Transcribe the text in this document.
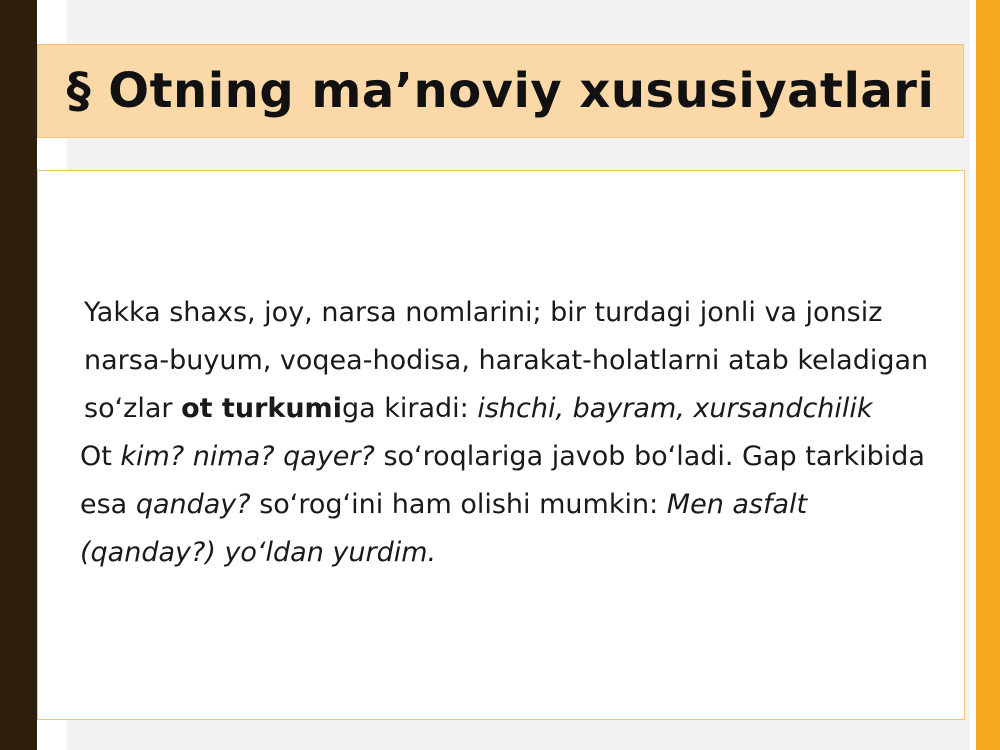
§ Otning ma’noviy xususiyatlari

Yakka shaxs, joy, narsa nomlarini; bir turdagi jonli va jonsiz narsa-buyum, voqea-hodisa, harakat-holatlarni atab keladigan so‘zlar ot turkumiga kiradi: ishchi, bayram, xursandchilik

Ot kim? nima? qayer? so‘roqlariga javob bo‘ladi. Gap tarkibida esa qanday? so‘rog‘ini ham olishi mumkin: Men asfalt (qanday?) yo‘ldan yurdim.
